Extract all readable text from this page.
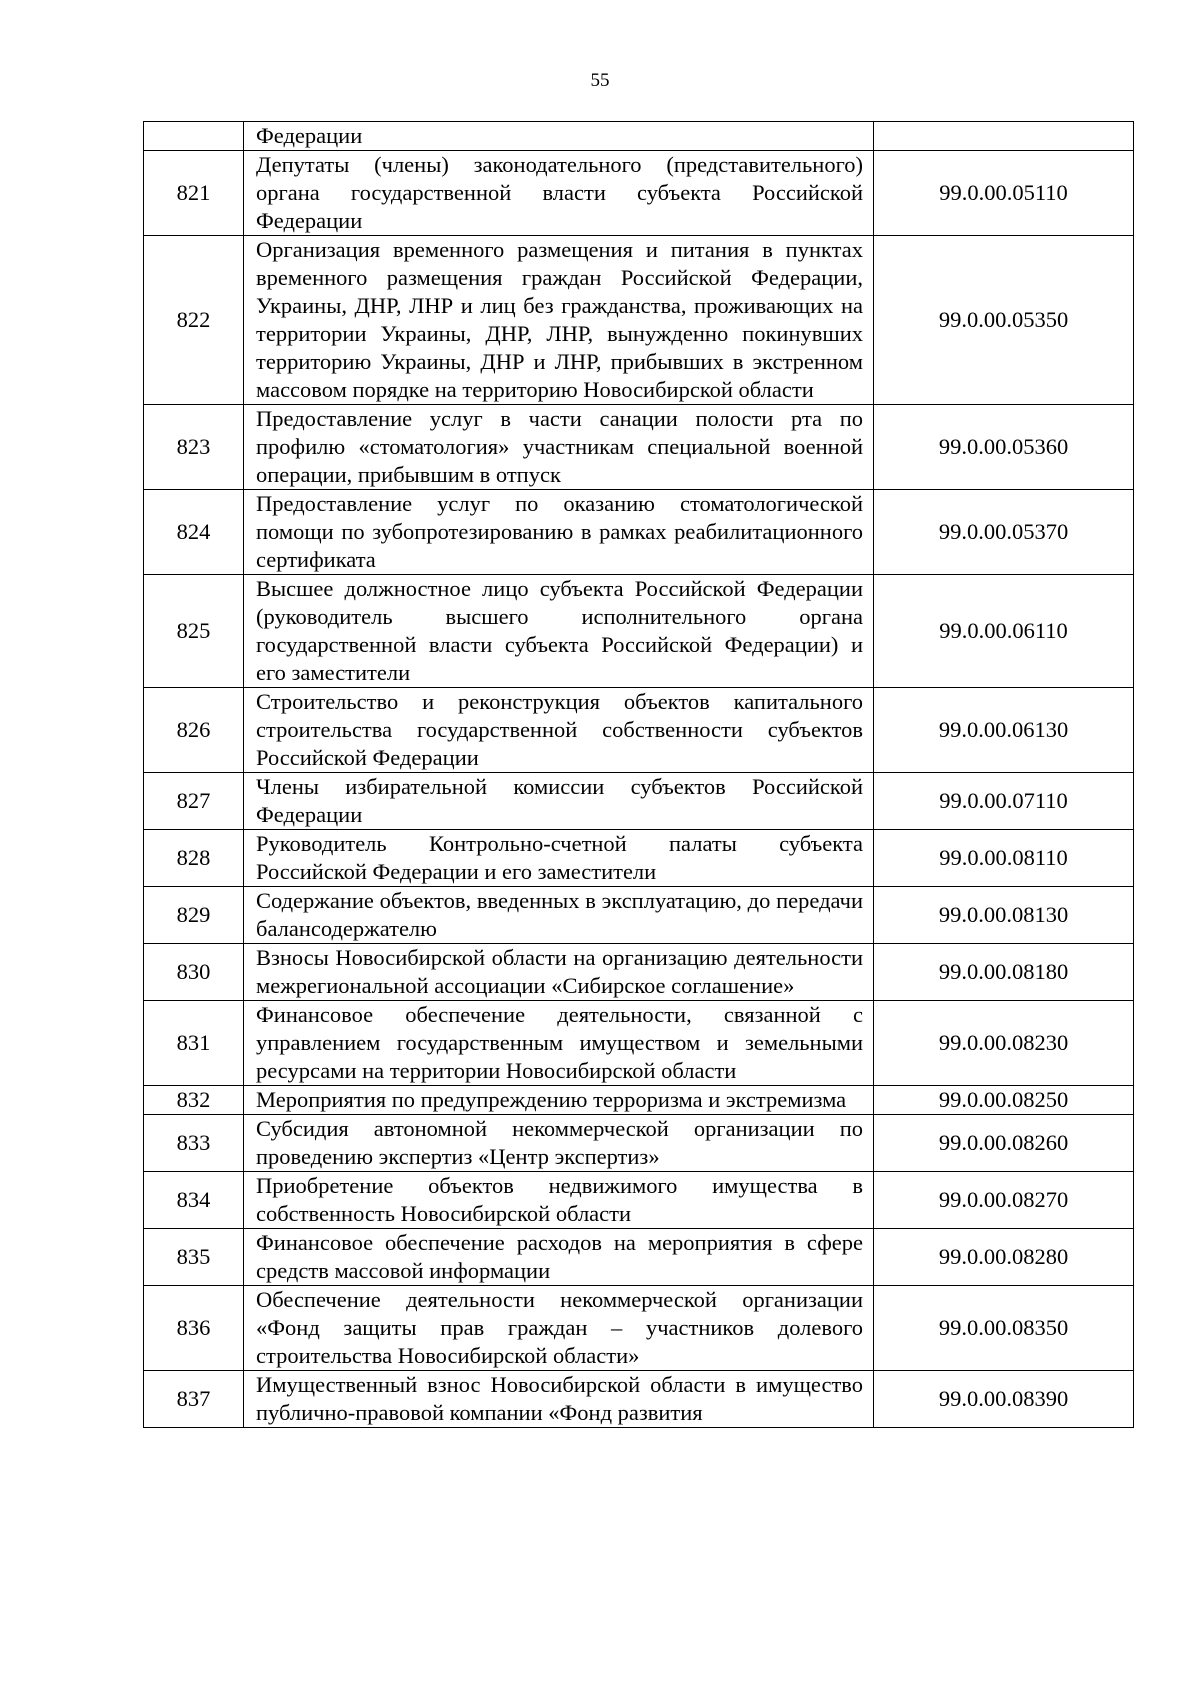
55
	Федерации	
821	Депутаты (члены) законодательного (представительного) органа государственной власти субъекта Российской Федерации	99.0.00.05110
822	Организация временного размещения и питания в пунктах временного размещения граждан Российской Федерации, Украины, ДНР, ЛНР и лиц без гражданства, проживающих на территории Украины, ДНР, ЛНР, вынужденно покинувших территорию Украины, ДНР и ЛНР, прибывших в экстренном массовом порядке на территорию Новосибирской области	99.0.00.05350
823	Предоставление услуг в части санации полости рта по профилю «стоматология» участникам специальной военной операции, прибывшим в отпуск	99.0.00.05360
824	Предоставление услуг по оказанию стоматологической помощи по зубопротезированию в рамках реабилитационного сертификата	99.0.00.05370
825	Высшее должностное лицо субъекта Российской Федерации (руководитель высшего исполнительного органа государственной власти субъекта Российской Федерации) и его заместители	99.0.00.06110
826	Строительство и реконструкция объектов капитального строительства государственной собственности субъектов Российской Федерации	99.0.00.06130
827	Члены избирательной комиссии субъектов Российской Федерации	99.0.00.07110
828	Руководитель Контрольно-счетной палаты субъекта Российской Федерации и его заместители	99.0.00.08110
829	Содержание объектов, введенных в эксплуатацию, до передачи балансодержателю	99.0.00.08130
830	Взносы Новосибирской области на организацию деятельности межрегиональной ассоциации «Сибирское соглашение»	99.0.00.08180
831	Финансовое обеспечение деятельности, связанной с управлением государственным имуществом и земельными ресурсами на территории Новосибирской области	99.0.00.08230
832	Мероприятия по предупреждению терроризма и экстремизма	99.0.00.08250
833	Субсидия автономной некоммерческой организации по проведению экспертиз «Центр экспертиз»	99.0.00.08260
834	Приобретение объектов недвижимого имущества в собственность Новосибирской области	99.0.00.08270
835	Финансовое обеспечение расходов на мероприятия в сфере средств массовой информации	99.0.00.08280
836	Обеспечение деятельности некоммерческой организации «Фонд защиты прав граждан – участников долевого строительства Новосибирской области»	99.0.00.08350
837	Имущественный взнос Новосибирской области в имущество публично-правовой компании «Фонд развития	99.0.00.08390
